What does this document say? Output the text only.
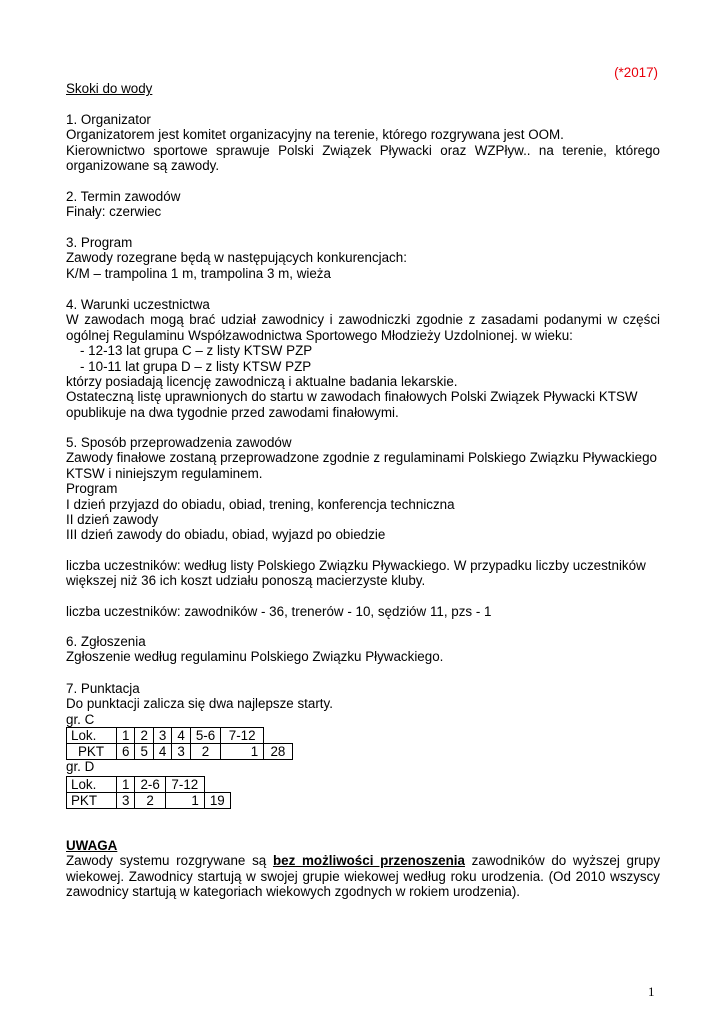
(*2017)
Skoki do wody

1. Organizator

Organizatorem jest komitet organizacyjny na terenie, którego rozgrywana jest OOM.

Kierownictwo sportowe sprawuje Polski Związek Pływacki oraz WZPływ.. na terenie, którego organizowane są zawody.

2. Termin zawodów

Finały: czerwiec

3. Program

Zawody rozegrane będą w następujących konkurencjach:

K/M – trampolina 1 m, trampolina 3 m, wieża

4. Warunki uczestnictwa

W zawodach mogą brać udział zawodnicy i zawodniczki zgodnie z zasadami podanymi w części ogólnej Regulaminu Współzawodnictwa Sportowego Młodzieży Uzdolnionej. w wieku:

- 12-13 lat grupa C – z listy KTSW PZP

- 10-11 lat grupa D – z listy KTSW PZP

którzy posiadają licencję zawodniczą i aktualne badania lekarskie.

Ostateczną listę uprawnionych do startu w zawodach finałowych Polski Związek Pływacki KTSW opublikuje na dwa tygodnie przed zawodami finałowymi.

5. Sposób przeprowadzenia zawodów

Zawody finałowe zostaną przeprowadzone zgodnie z regulaminami Polskiego Związku Pływackiego KTSW i niniejszym regulaminem.

Program

I dzień przyjazd do obiadu, obiad, trening, konferencja techniczna

II dzień zawody

III dzień zawody do obiadu, obiad, wyjazd po obiedzie

liczba uczestników: według listy Polskiego Związku Pływackiego. W przypadku liczby uczestników większej niż 36 ich koszt udziału ponoszą macierzyste kluby.
liczba uczestników: zawodników - 36, trenerów - 10, sędziów 11, pzs - 1

6. Zgłoszenia

Zgłoszenie według regulaminu Polskiego Związku Pływackiego.

7. Punktacja

Do punktacji zalicza się dwa najlepsze starty.

gr. C

Lok.	1	2	3	4	5-6	7-12	
PKT	6	5	4	3	2	1	28
gr. D
Lok.	1	2-6	7-12	
PKT	3	2	1	19

UWAGA

Zawody systemu rozgrywane są bez możliwości przenoszenia zawodników do wyższej grupy wiekowej. Zawodnicy startują w swojej grupie wiekowej według roku urodzenia. (Od 2010 wszyscy zawodnicy startują w kategoriach wiekowych zgodnych w rokiem urodzenia).

1
